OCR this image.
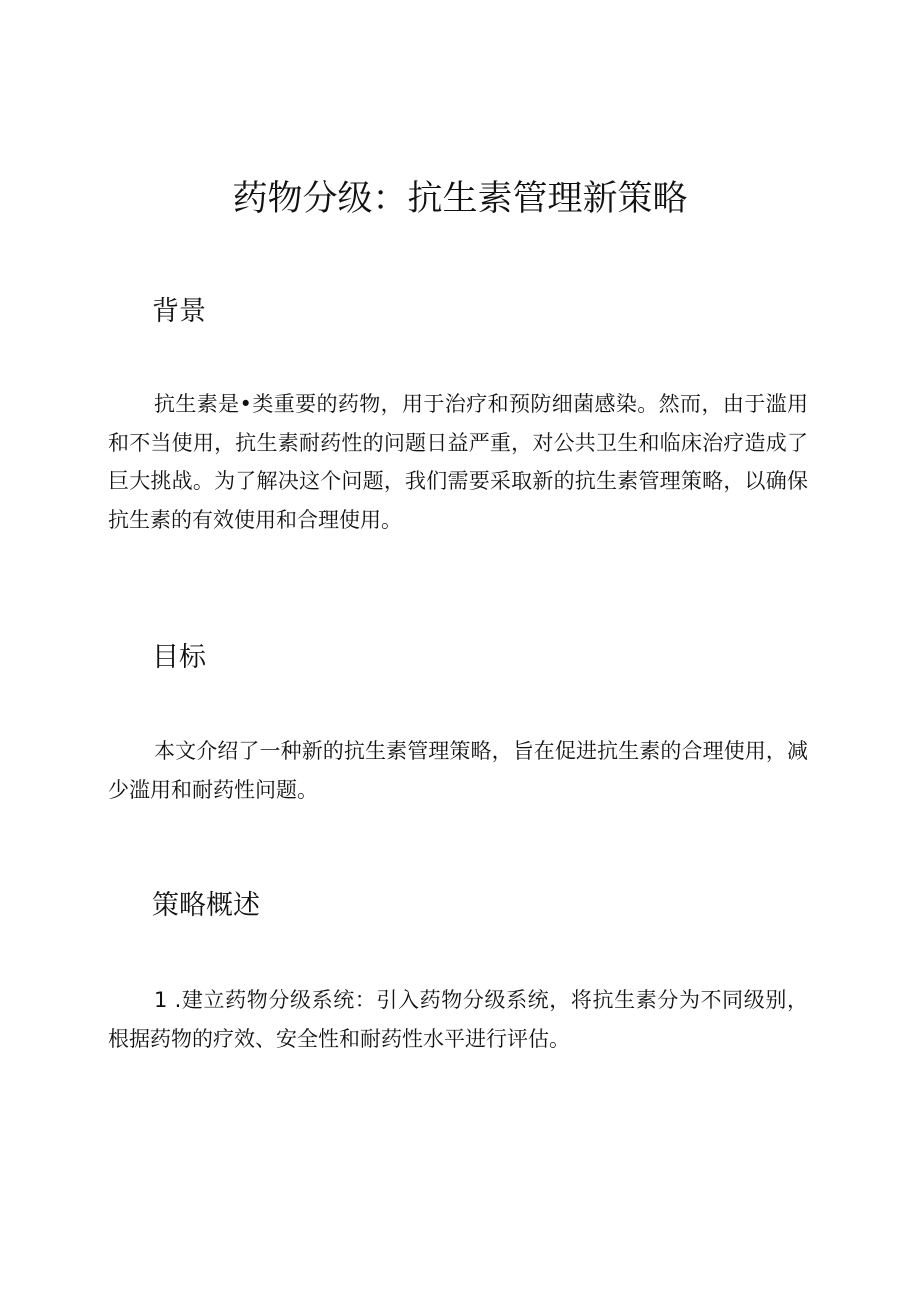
药物分级：抗生素管理新策略
背景

抗生素是•类重要的药物，用于治疗和预防细菌感染。然而，由于滥用和不当使用，抗生素耐药性的问题日益严重，对公共卫生和临床治疗造成了巨大挑战。为了解决这个问题，我们需要采取新的抗生素管理策略，以确保抗生素的有效使用和合理使用。

目标

本文介绍了一种新的抗生素管理策略，旨在促进抗生素的合理使用，减少滥用和耐药性问题。

策略概述

1 .建立药物分级系统：引入药物分级系统，将抗生素分为不同级别，根据药物的疗效、安全性和耐药性水平进行评估。
